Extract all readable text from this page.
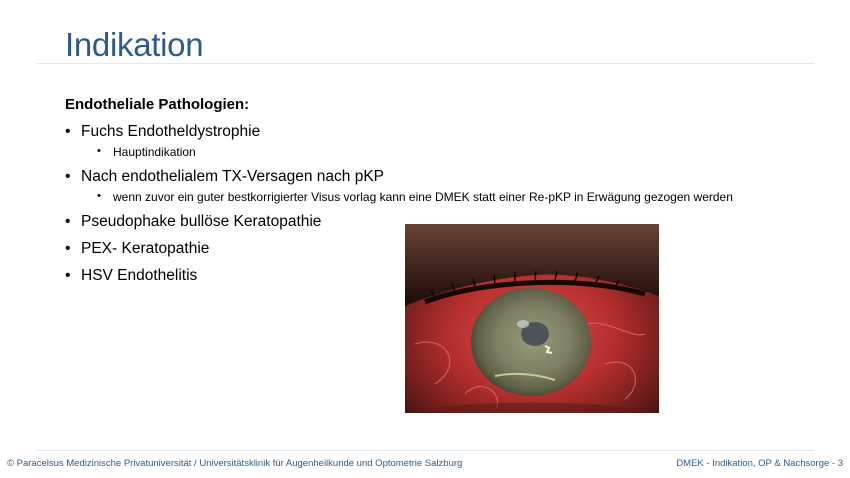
Indikation

Endotheliale Pathologien:

• Fuchs Endotheldystrophie
• Hauptindikation
• Nach endothelialem TX-Versagen nach pKP
• wenn zuvor ein guter bestkorrigierter Visus vorlag kann eine DMEK statt einer Re-pKP in Erwägung gezogen werden
• Pseudophake bullöse Keratopathie
• PEX- Keratopathie
• HSV Endothelitis
© Paracelsus Medizinische Privatuniversität / Universitätsklinik für Augenheilkunde und Optometrie Salzburg	DMEK - Indikation, OP & Nachsorge - 3
